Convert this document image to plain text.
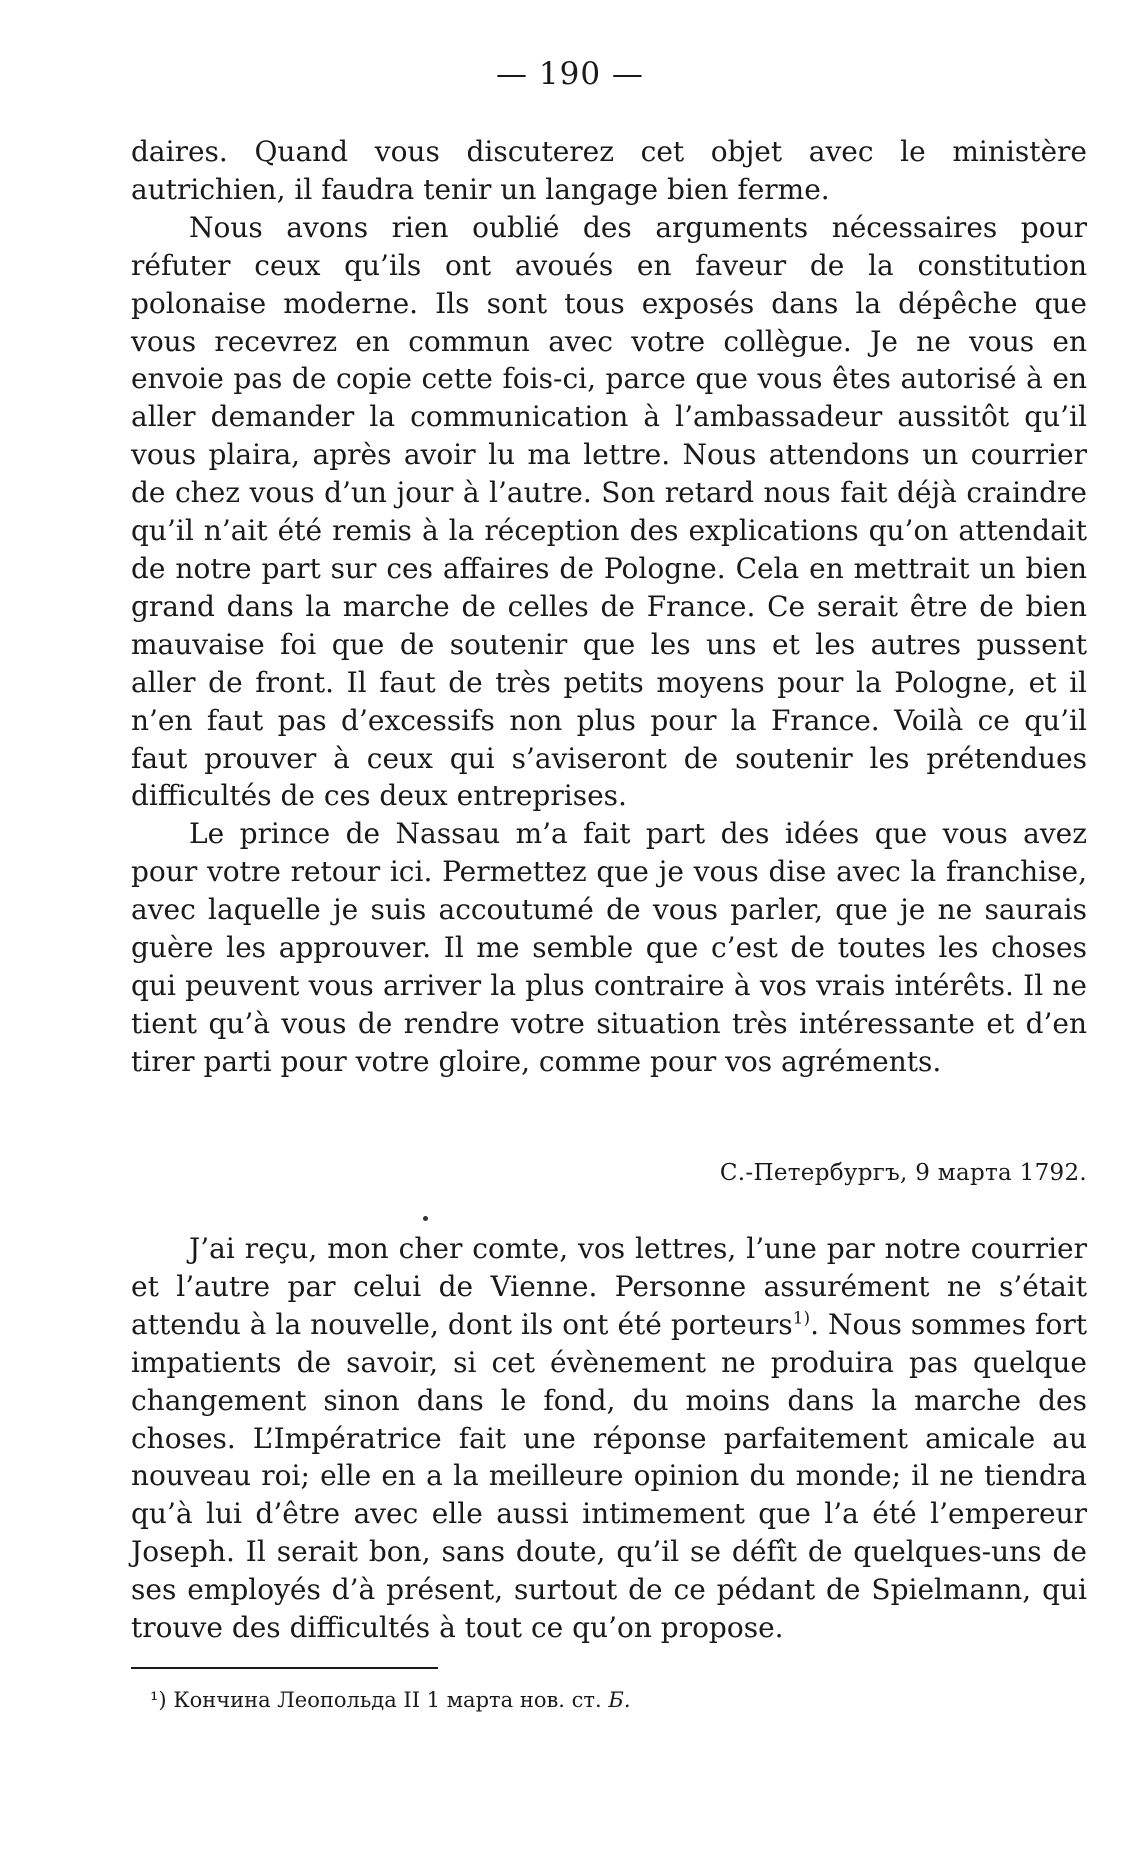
— 190 —

daires. Quand vous discuterez cet objet avec le ministère autrichien, il faudra tenir un langage bien ferme.

Nous avons rien oublié des arguments nécessaires pour réfuter ceux qu’ils ont avoués en faveur de la constitution polonaise moderne. Ils sont tous exposés dans la dépêche que vous recevrez en commun avec votre collègue. Je ne vous en envoie pas de copie cette fois-ci, parce que vous êtes autorisé à en aller demander la communication à l’ambassadeur aussitôt qu’il vous plaira, après avoir lu ma lettre. Nous attendons un courrier de chez vous d’un jour à l’autre. Son retard nous fait déjà craindre qu’il n’ait été remis à la réception des explications qu’on attendait de notre part sur ces affaires de Pologne. Cela en mettrait un bien grand dans la marche de celles de France. Ce serait être de bien mauvaise foi que de soutenir que les uns et les autres pussent aller de front. Il faut de très petits moyens pour la Pologne, et il n’en faut pas d’excessifs non plus pour la France. Voilà ce qu’il faut prouver à ceux qui s’aviseront de soutenir les prétendues difficultés de ces deux entreprises.

Le prince de Nassau m’a fait part des idées que vous avez pour votre retour ici. Permettez que je vous dise avec la franchise, avec laquelle je suis accoutumé de vous parler, que je ne saurais guère les approuver. Il me semble que c’est de toutes les choses qui peuvent vous arriver la plus contraire à vos vrais intérêts. Il ne tient qu’à vous de rendre votre situation très intéressante et d’en tirer parti pour votre gloire, comme pour vos agréments.

С.-Петербургъ, 9 марта 1792.

J’ai reçu, mon cher comte, vos lettres, l’une par notre courrier et l’autre par celui de Vienne. Personne assurément ne s’était attendu à la nouvelle, dont ils ont été porteurs$^{1)}$. Nous sommes fort impatients de savoir, si cet évènement ne produira pas quelque changement sinon dans le fond, du moins dans la marche des choses. L’Impératrice fait une réponse parfaitement amicale au nouveau roi; elle en a la meilleure opinion du monde; il ne tiendra qu’à lui d’être avec elle aussi intimement que l’a été l’empereur Joseph. Il serait bon, sans doute, qu’il se défît de quelques-uns de ses employés d’à présent, surtout de ce pédant de Spielmann, qui trouve des difficultés à tout ce qu’on propose.

¹) Кончина Леопольда II 1 марта нов. ст. Б.
